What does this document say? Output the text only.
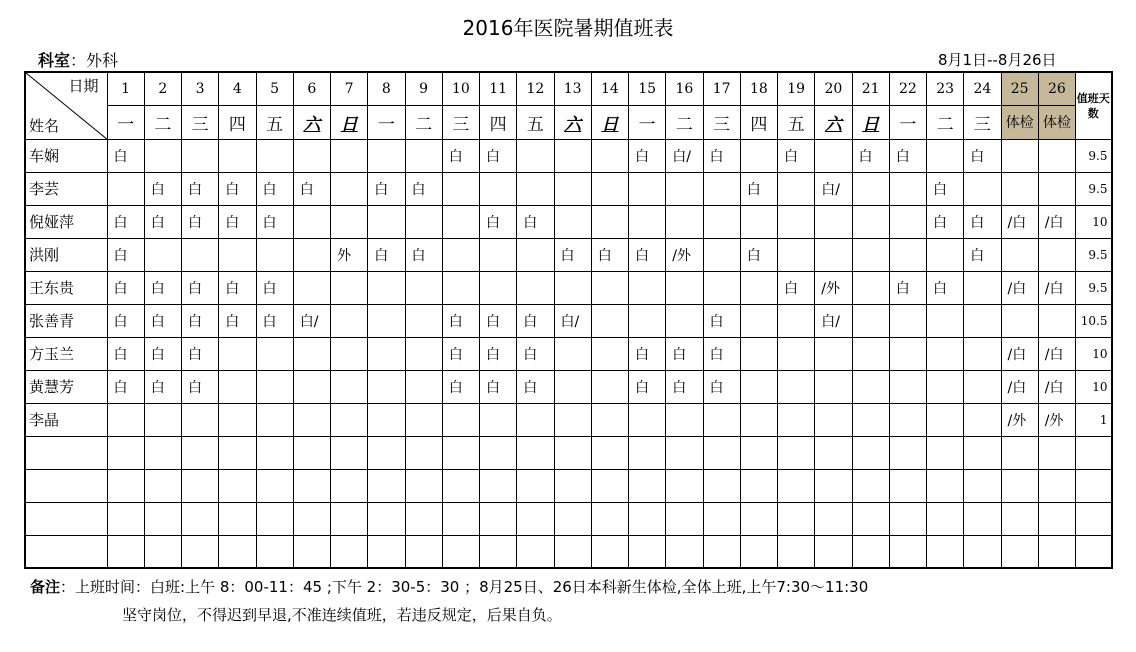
2016年医院暑期值班表
科室：外科	8月1日--8月26日
日期
姓名	1	2	3	4	5	6	7	8	9	10	11	12	13	14	15	16	17	18	19	20	21	22	23	24	25	26	值班天数
	一	二	三	四	五	六	日	一	二	三	四	五	六	日	一	二	三	四	五	六	日	一	二	三	体检	体检	
车娴	白									白	白				白	白/	白		白		白	白		白			9.5
李芸		白	白	白	白	白		白	白									白		白/			白				9.5
倪娅萍	白	白	白	白	白						白	白											白	白	/白	/白	10
洪刚	白						外	白	白				白	白	白	/外		白						白			9.5
王东贵	白	白	白	白	白														白	/外		白	白		/白	/白	9.5
张善青	白	白	白	白	白	白/				白	白	白	白/				白			白/							10.5
方玉兰	白	白	白							白	白	白			白	白	白								/白	/白	10
黄慧芳	白	白	白							白	白	白			白	白	白								/白	/白	10
李晶																									/外	/外	1

备注：上班时间：白班:上午 8：00-11：45 ;下午 2：30-5：30 ；8月25日、26日本科新生体检,全体上班,上午7:30～11:30
坚守岗位，不得迟到早退,不准连续值班，若违反规定，后果自负。
